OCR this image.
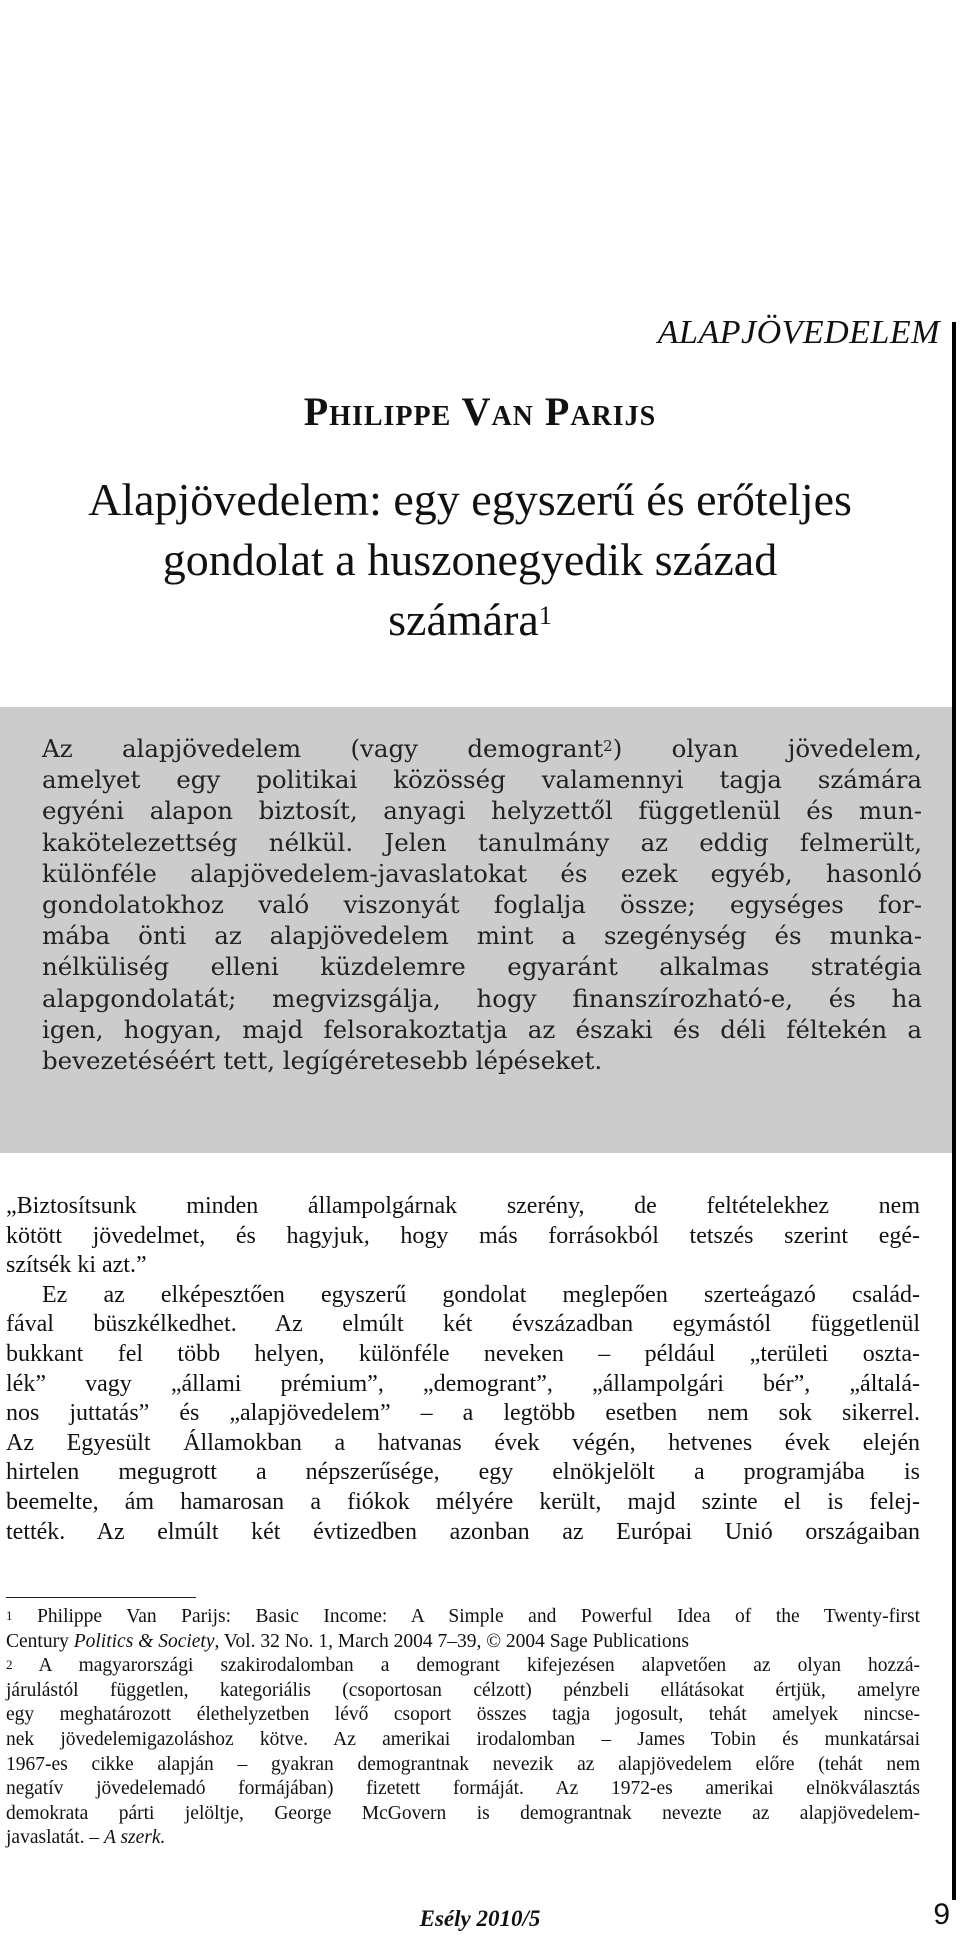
ALAPJÖVEDELEM
Philippe Van Parijs
Alapjövedelem: egy egyszerű és erőteljes
gondolat a huszonegyedik század
számára$^1$
Az alapjövedelem (vagy demogrant$^2$) olyan jövedelem,
amelyet egy politikai közösség valamennyi tagja számára
egyéni alapon biztosít, anyagi helyzettől függetlenül és mun-
kakötelezettség nélkül. Jelen tanulmány az eddig felmerült,
különféle alapjövedelem-javaslatokat és ezek egyéb, hasonló
gondolatokhoz való viszonyát foglalja össze; egységes for-
mába önti az alapjövedelem mint a szegénység és munka-
nélküliség elleni küzdelemre egyaránt alkalmas stratégia
alapgondolatát; megvizsgálja, hogy finanszírozható-e, és ha
igen, hogyan, majd felsorakoztatja az északi és déli féltekén a
bevezetéséért tett, legígéretesebb lépéseket.
„Biztosítsunk minden állampolgárnak szerény, de feltételekhez nem
kötött jövedelmet, és hagyjuk, hogy más forrásokból tetszés szerint egé-
szítsék ki azt.”
Ez az elképesztően egyszerű gondolat meglepően szerteágazó család-
fával büszkélkedhet. Az elmúlt két évszázadban egymástól függetlenül
bukkant fel több helyen, különféle neveken – például „területi oszta-
lék” vagy „állami prémium”, „demogrant”, „állampolgári bér”, „általá-
nos juttatás” és „alapjövedelem” – a legtöbb esetben nem sok sikerrel.
Az Egyesült Államokban a hatvanas évek végén, hetvenes évek elején
hirtelen megugrott a népszerűsége, egy elnökjelölt a programjába is
beemelte, ám hamarosan a fiókok mélyére került, majd szinte el is felej-
tették. Az elmúlt két évtizedben azonban az Európai Unió országaiban
$^1$ Philippe Van Parijs: Basic Income: A Simple and Powerful Idea of the Twenty-first
Century Politics & Society, Vol. 32 No. 1, March 2004 7–39, © 2004 Sage Publications
$^2$ A magyarországi szakirodalomban a demogrant kifejezésen alapvetően az olyan hozzá-
járulástól független, kategoriális (csoportosan célzott) pénzbeli ellátásokat értjük, amelyre
egy meghatározott élethelyzetben lévő csoport összes tagja jogosult, tehát amelyek nincse-
nek jövedelemigazoláshoz kötve. Az amerikai irodalomban – James Tobin és munkatársai
1967-es cikke alapján – gyakran demograntnak nevezik az alapjövedelem előre (tehát nem
negatív jövedelemadó formájában) fizetett formáját. Az 1972-es amerikai elnökválasztás
demokrata párti jelöltje, George McGovern is demograntnak nevezte az alapjövedelem-
javaslatát. – A szerk.
Esély 2010/5	9
